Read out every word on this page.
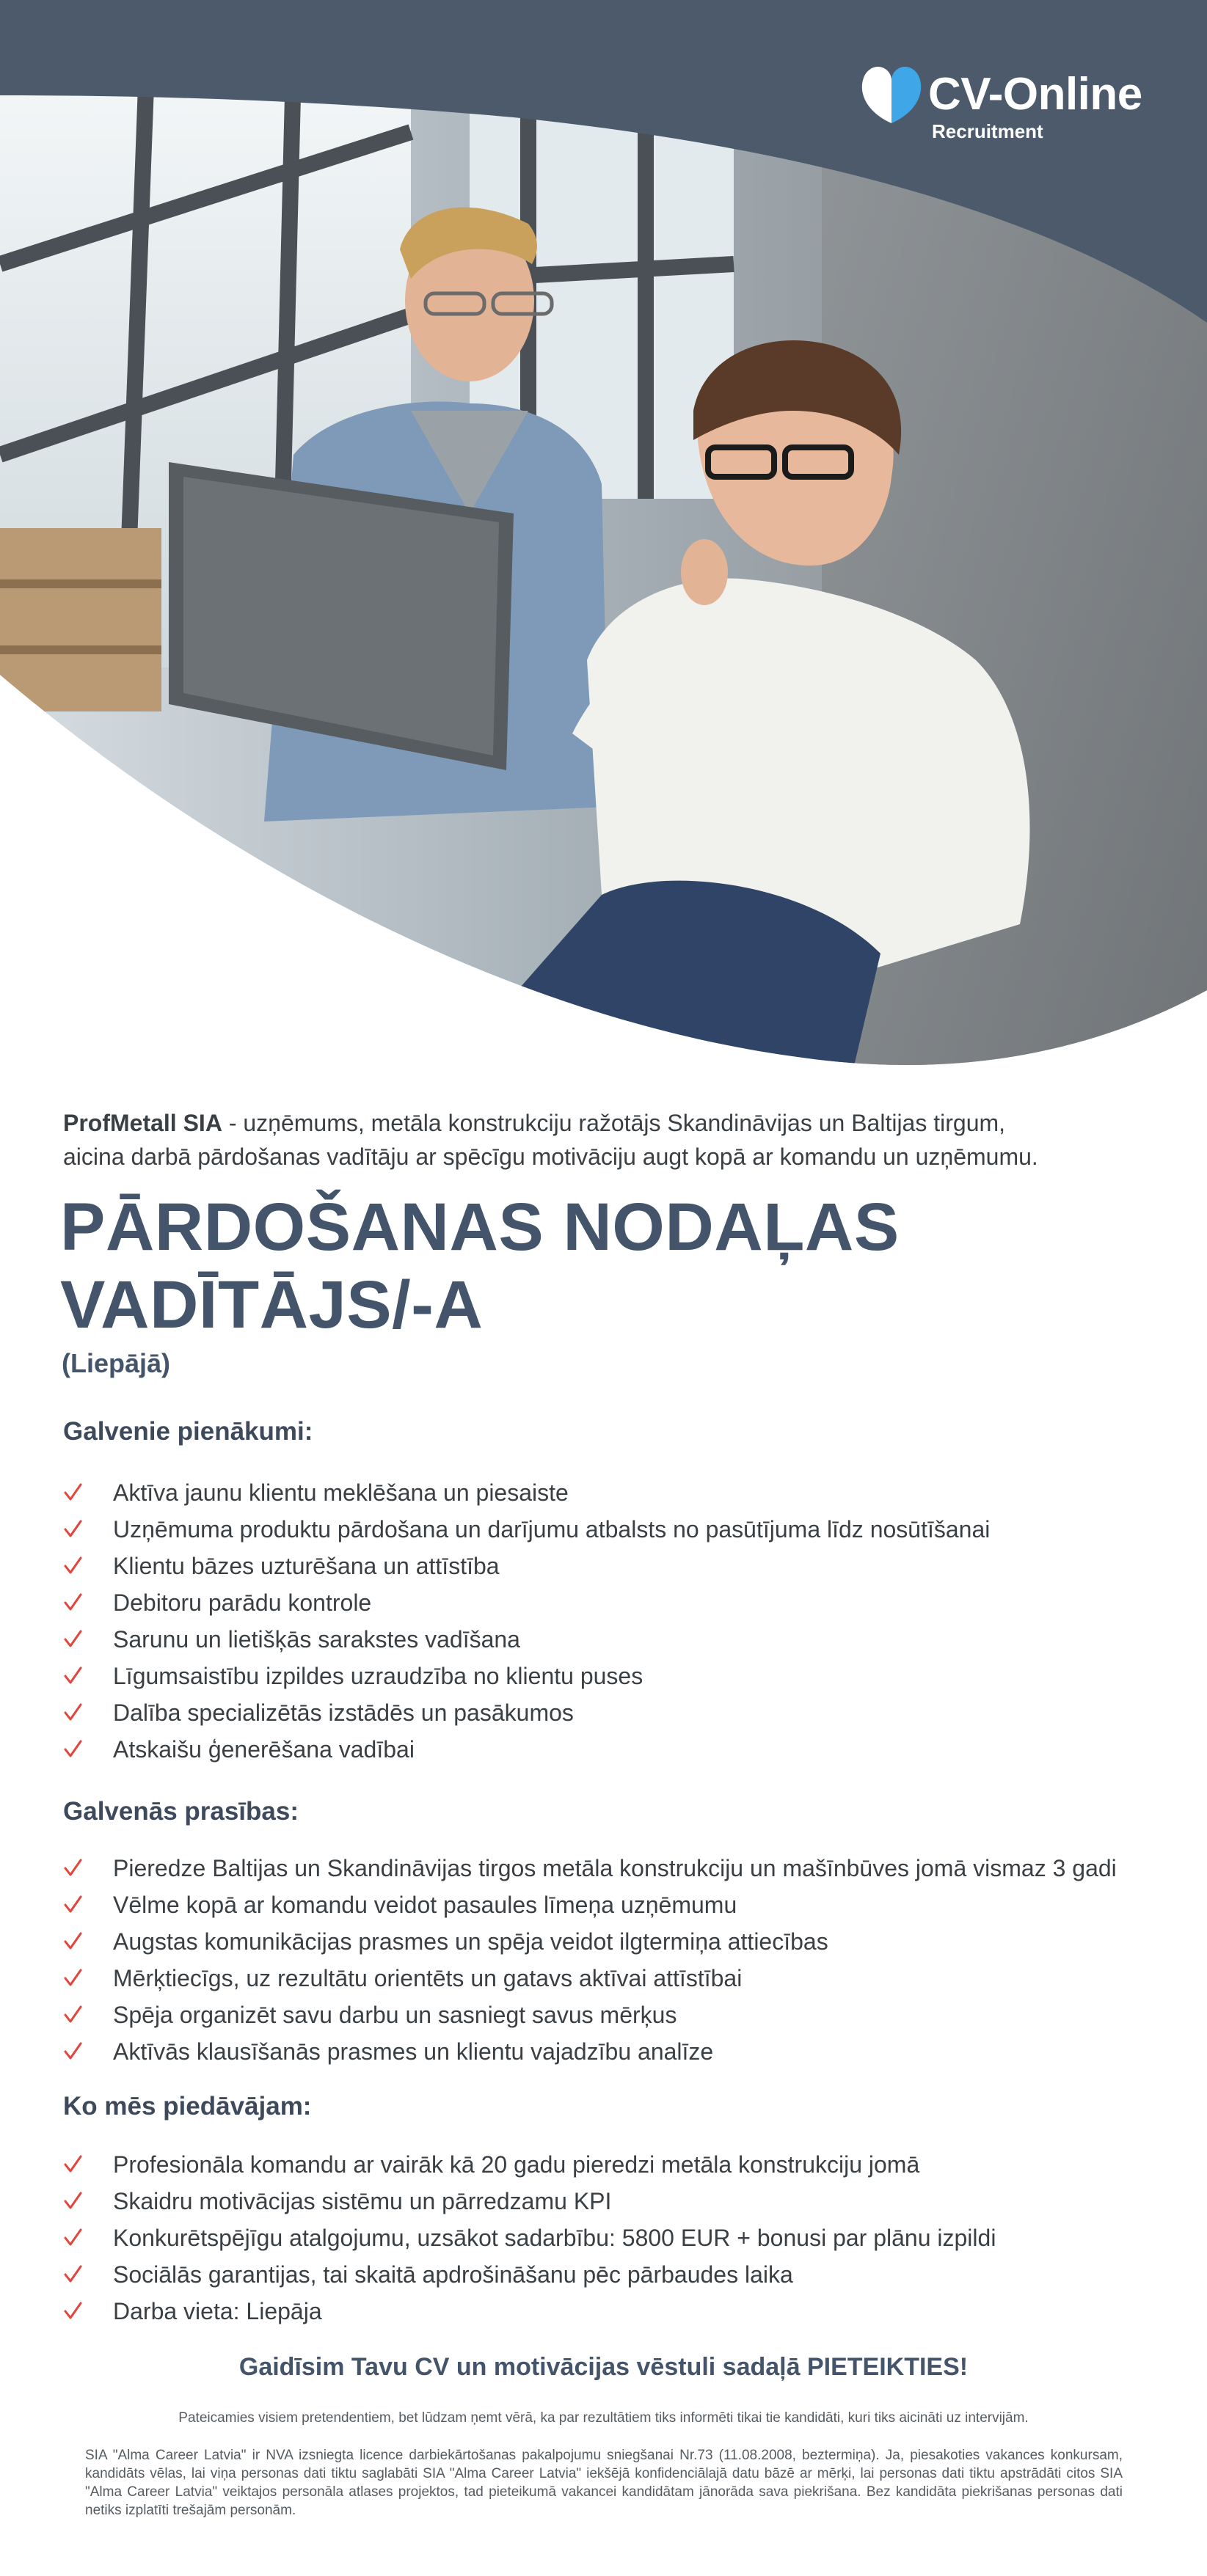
CV-Online
Recruitment
ProfMetall SIA - uzņēmums, metāla konstrukciju ražotājs Skandināvijas un Baltijas tirgum,
aicina darbā pārdošanas vadītāju ar spēcīgu motivāciju augt kopā ar komandu un uzņēmumu.
PĀRDOŠANAS NODAĻAS
VADĪTĀJS/-A
(Liepājā)
Galvenie pienākumi:
Aktīva jaunu klientu meklēšana un piesaiste
Uzņēmuma produktu pārdošana un darījumu atbalsts no pasūtījuma līdz nosūtīšanai
Klientu bāzes uzturēšana un attīstība
Debitoru parādu kontrole
Sarunu un lietišķās sarakstes vadīšana
Līgumsaistību izpildes uzraudzība no klientu puses
Dalība specializētās izstādēs un pasākumos
Atskaišu ģenerēšana vadībai
Galvenās prasības:
Pieredze Baltijas un Skandināvijas tirgos metāla konstrukciju un mašīnbūves jomā vismaz 3 gadi
Vēlme kopā ar komandu veidot pasaules līmeņa uzņēmumu
Augstas komunikācijas prasmes un spēja veidot ilgtermiņa attiecības
Mērķtiecīgs, uz rezultātu orientēts un gatavs aktīvai attīstībai
Spēja organizēt savu darbu un sasniegt savus mērķus
Aktīvās klausīšanās prasmes un klientu vajadzību analīze
Ko mēs piedāvājam:
Profesionāla komandu ar vairāk kā 20 gadu pieredzi metāla konstrukciju jomā
Skaidru motivācijas sistēmu un pārredzamu KPI
Konkurētspējīgu atalgojumu, uzsākot sadarbību: 5800 EUR + bonusi par plānu izpildi
Sociālās garantijas, tai skaitā apdrošināšanu pēc pārbaudes laika
Darba vieta: Liepāja
Gaidīsim Tavu CV un motivācijas vēstuli sadaļā PIETEIKTIES!
Pateicamies visiem pretendentiem, bet lūdzam ņemt vērā, ka par rezultātiem tiks informēti tikai tie kandidāti, kuri tiks aicināti uz intervijām.
SIA "Alma Career Latvia" ir NVA izsniegta licence darbiekārtošanas pakalpojumu sniegšanai Nr.73 (11.08.2008, beztermiņa). Ja, piesakoties vakances konkursam, kandidāts vēlas, lai viņa personas dati tiktu saglabāti SIA "Alma Career Latvia" iekšējā konfidenciālajā datu bāzē ar mērķi, lai personas dati tiktu apstrādāti citos SIA "Alma Career Latvia" veiktajos personāla atlases projektos, tad pieteikumā vakancei kandidātam jānorāda sava piekrišana. Bez kandidāta piekrišanas personas dati netiks izplatīti trešajām personām.
